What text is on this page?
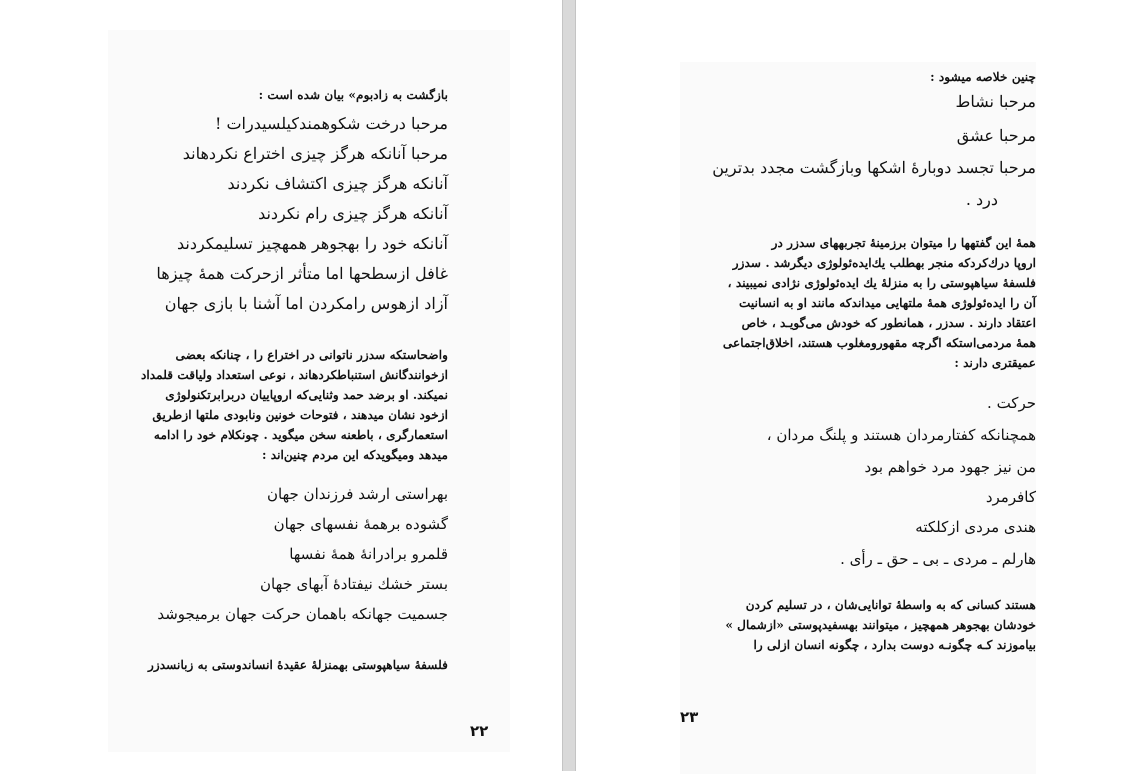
بازگشت به زادبوم» بیان شده است :
مرحبا درخت شکوهمندکیلسیدرات !
مرحبا آنانکه هرگز چیزی اختراع نکردهاند
آنانکه هرگز چیزی اکتشاف نکردند
آنانکه هرگز چیزی رام نکردند
آنانکه خود را بهجوهر همهچیز تسلیمکردند
غافل ازسطحها اما متأثر ازحرکت همهٔ چیزها
آزاد ازهوس رامکردن اما آشنا با بازی جهان
واضحاستکه سدزر ناتوانی در اختراع را ، چنانکه بعضی
ازخوانندگانش استنباطکردهاند ، نوعی استعداد ولیاقت قلمداد
نمیکند. او برضد حمد وثنایی‌که اروپاییان دربرابرتکنولوژی
ازخود نشان میدهند ، فتوحات خونین ونابودی ملتها ازطریق
استعمارگری ، باطعنه سخن میگوید . چونکلام خود را ادامه
میدهد ومیگویدکه این مردم چنین‌اند :
بهراستی ارشد فرزندان جهان
گشوده برهمهٔ نفسهای جهان
قلمرو برادرانهٔ همهٔ نفسها
بستر خشك نیفتادهٔ آبهای جهان
جسمیت جهانکه باهمان حرکت جهان برمیجوشد
فلسفهٔ سیاهپوستی بهمنزلهٔ عقیدهٔ انساندوستی به زبانسدزر
۲۲
چنین خلاصه میشود :
مرحبا نشاط
مرحبا عشق
مرحبا تجسد دوبارهٔ اشکها وبازگشت مجدد بدترین
درد .
همهٔ این گفتهها را میتوان برزمینهٔ تجربههای سدزر در
اروپا درك‌کردکه منجر بهطلب يك‌ایده‌ئولوژی دیگرشد . سدزر
فلسفهٔ سیاهپوستی را به منزلهٔ يك ایده‌ئولوژی نژادی نمیبیند ،
آن را ایده‌ئولوژی همهٔ ملتهایی میداندکه مانند او به انسانیت
اعتقاد دارند . سدزر ، همانطور که خودش می‌گویـد ، خاص
همهٔ مردمی‌استکه اگرچه مقهورومغلوب هستند، اخلاق‌اجتماعی
عمیقتری دارند :
حرکت .
همچنانکه کفتارمردان هستند و پلنگ مردان ،
من نیز جهود مرد خواهم بود
کافرمرد
هندی مردی ازکلکته
هارلم ـ مردی ـ بی ـ حق ـ رأی .
هستند کسانی که به واسطهٔ توانایی‌شان ، در تسلیم کردن
خودشان بهجوهر همهچیز ، میتوانند بهسفیدپوستی «ازشمال »
بیاموزند کـه چگونـه دوست بدارد ، چگونه انسان ازلی را
۲۳
